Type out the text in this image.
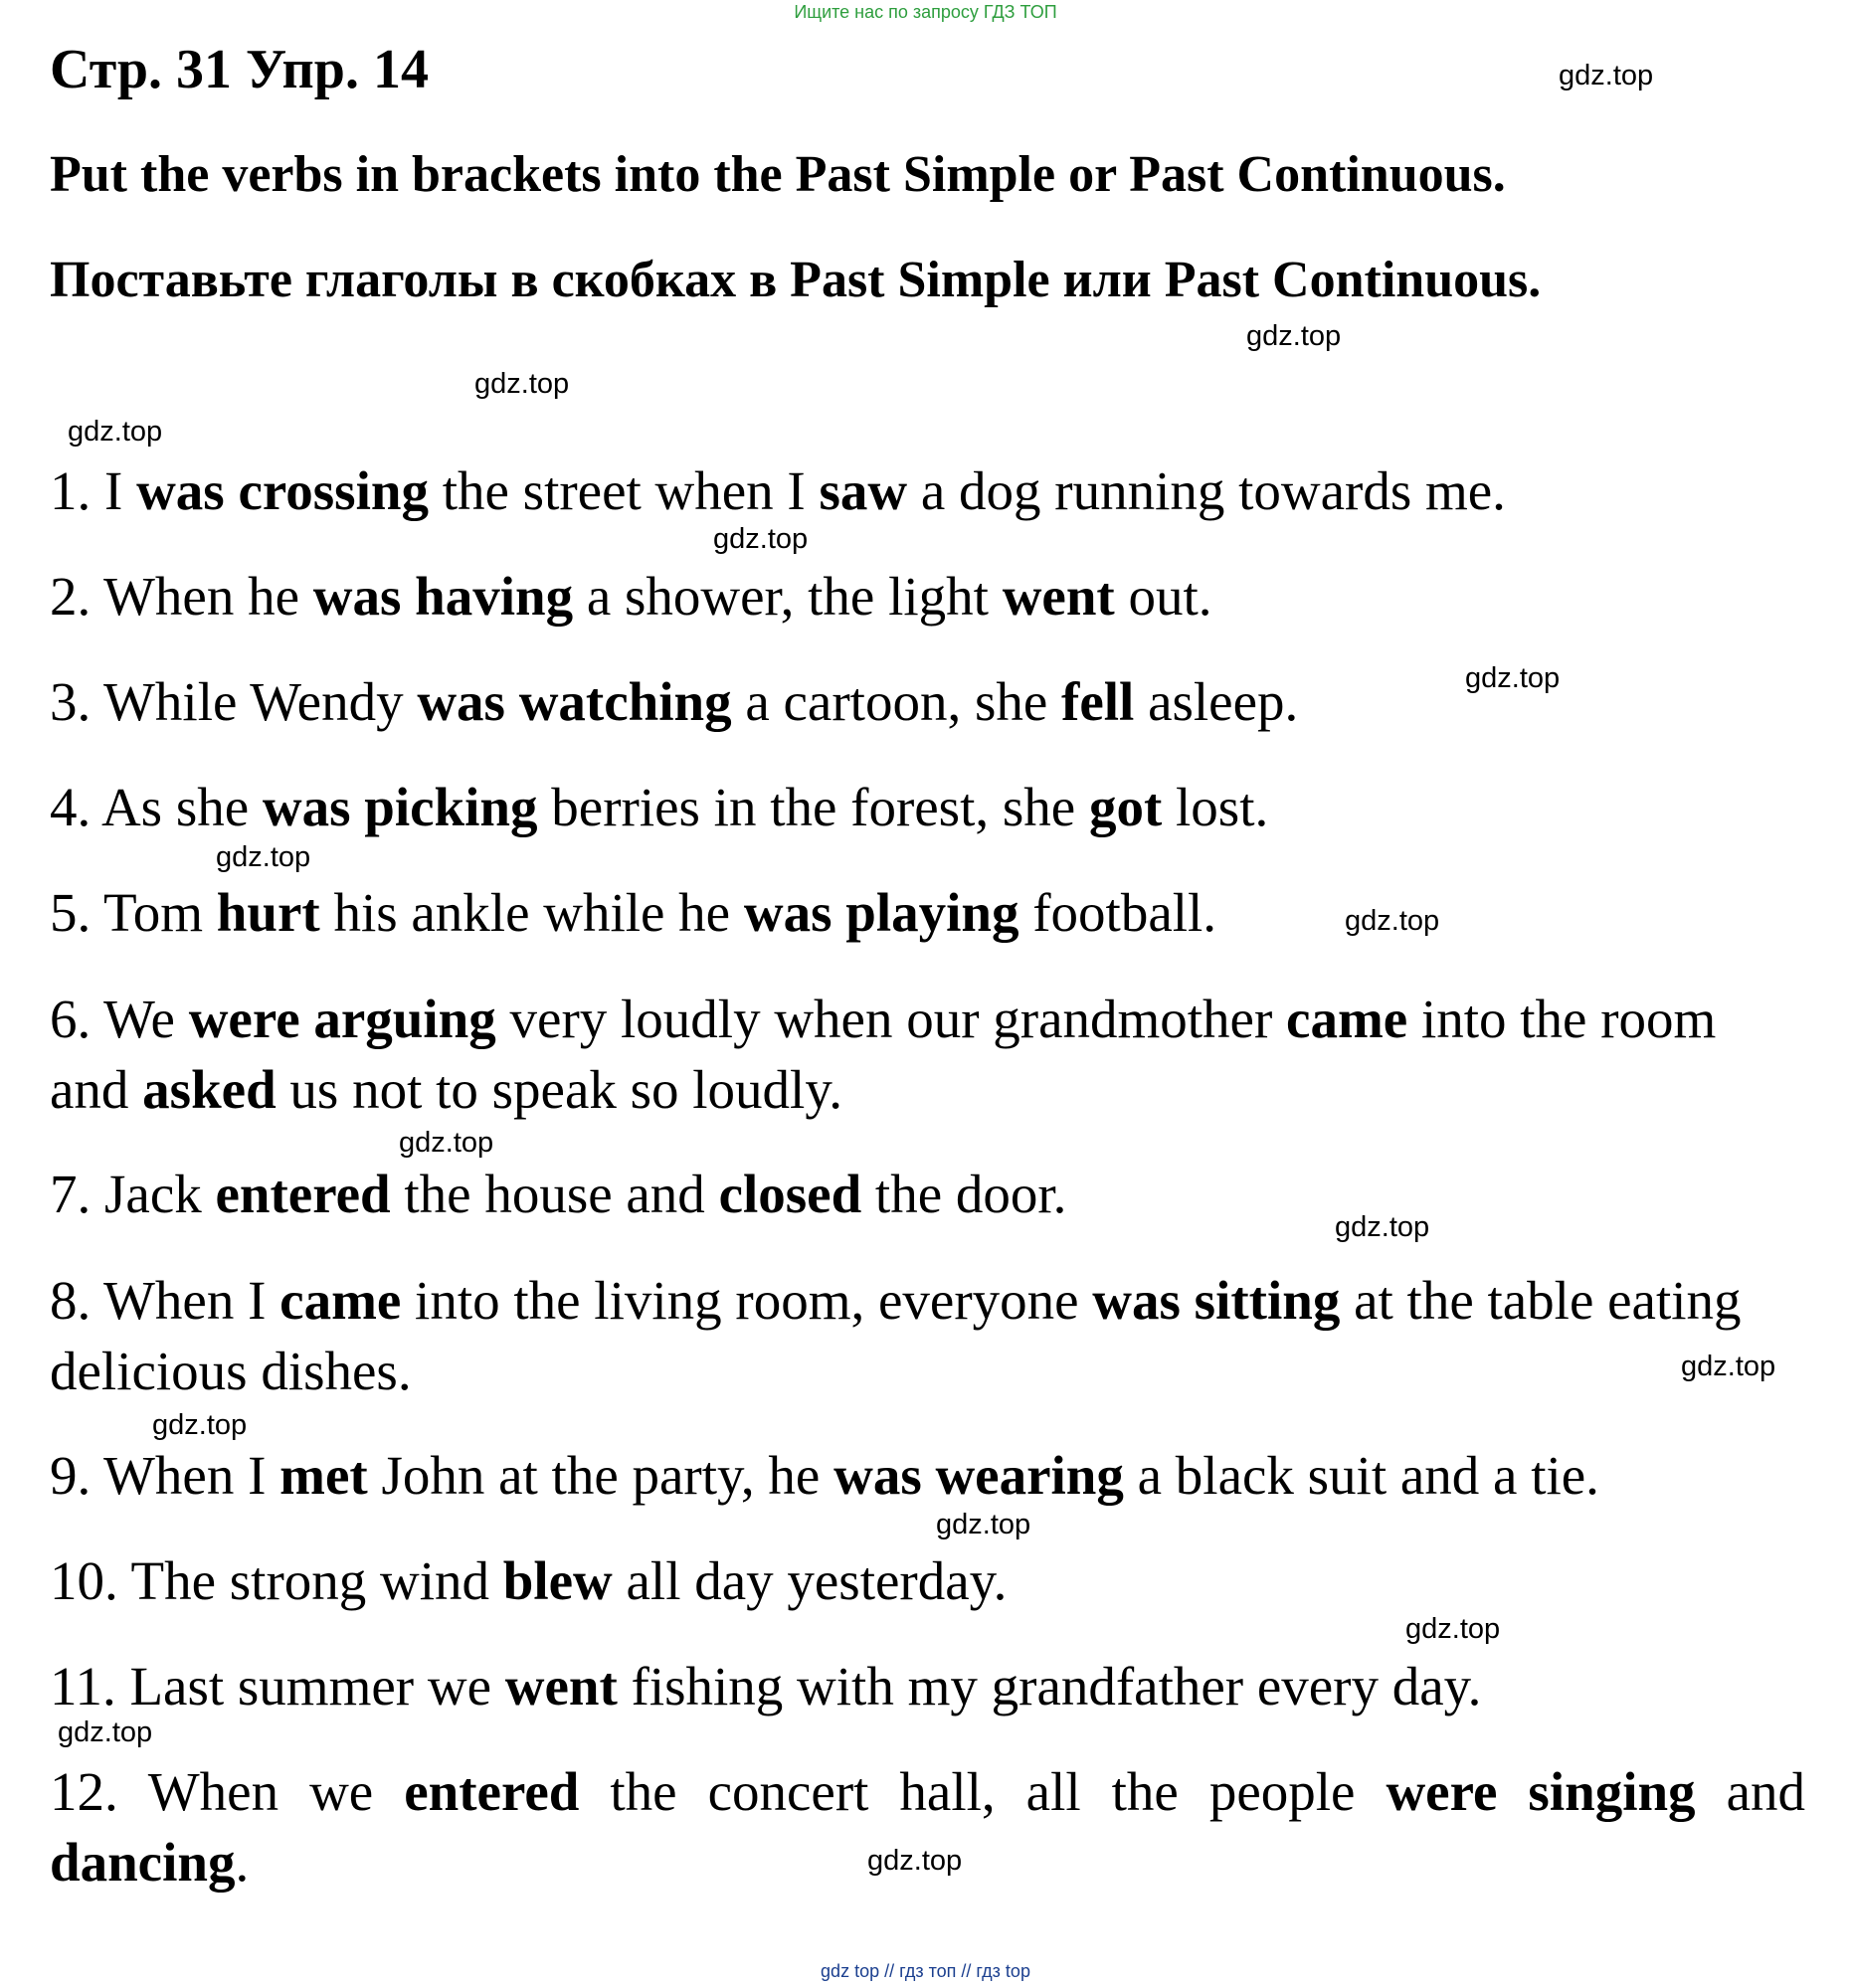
Ищите нас по запросу ГДЗ ТОП
Стр. 31 Упр. 14
Put the verbs in brackets into the Past Simple or Past Continuous.
Поставьте глаголы в скобках в Past Simple или Past Continuous.

1. I was crossing the street when I saw a dog running towards me.

2. When he was having a shower, the light went out.

3. While Wendy was watching a cartoon, she fell asleep.

4. As she was picking berries in the forest, she got lost.

5. Tom hurt his ankle while he was playing football.

6. We were arguing very loudly when our grandmother came into the room and asked us not to speak so loudly.

7. Jack entered the house and closed the door.

8. When I came into the living room, everyone was sitting at the table eating delicious dishes.

9. When I met John at the party, he was wearing a black suit and a tie.

10. The strong wind blew all day yesterday.

11. Last summer we went fishing with my grandfather every day.

12. When we entered the concert hall, all the people were singing and dancing.

gdz.top
gdz.top
gdz.top
gdz.top
gdz.top
gdz.top
gdz.top
gdz.top
gdz.top
gdz.top
gdz.top
gdz.top
gdz.top
gdz.top
gdz.top
gdz.top
gdz top // гдз топ // гдз top
